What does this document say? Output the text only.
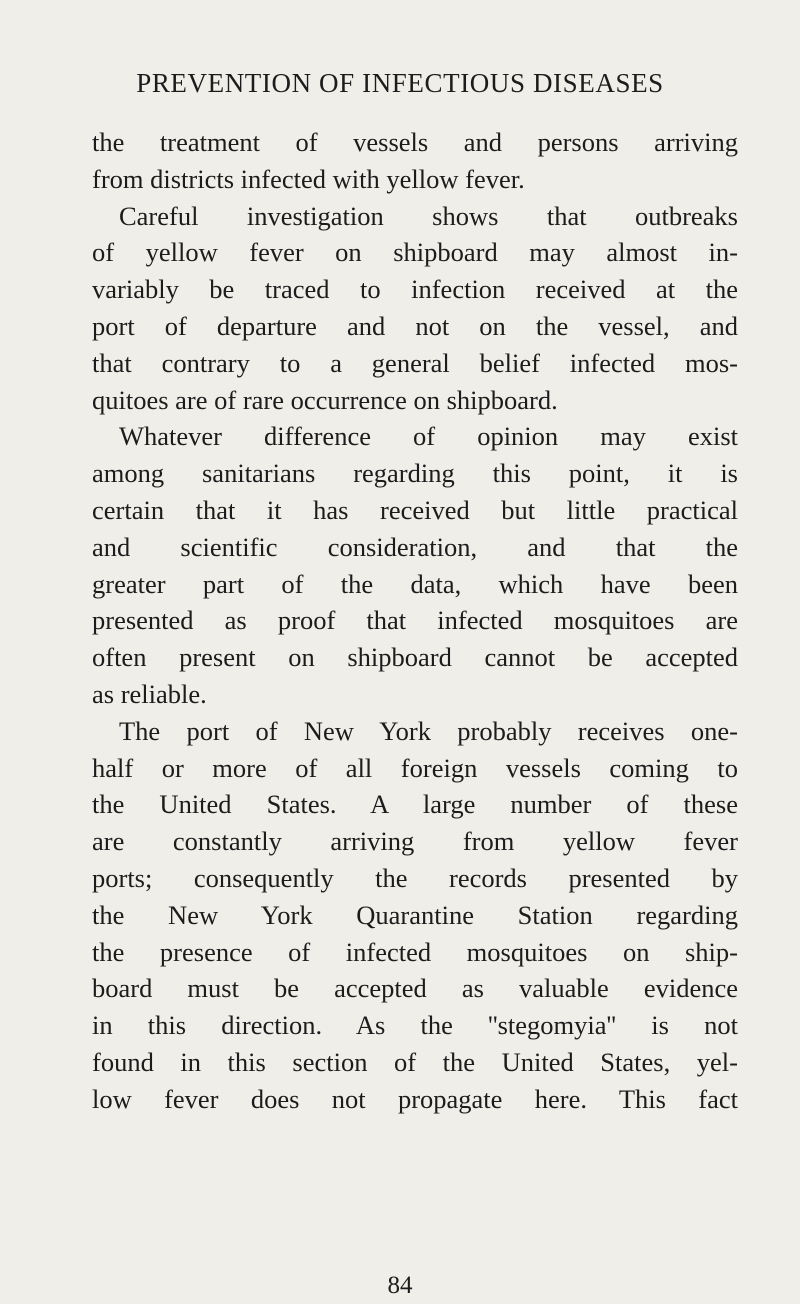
PREVENTION OF INFECTIOUS DISEASES
the treatment of vessels and persons arriving
from districts infected with yellow fever.
Careful investigation shows that outbreaks
of yellow fever on shipboard may almost in-
variably be traced to infection received at the
port of departure and not on the vessel, and
that contrary to a general belief infected mos-
quitoes are of rare occurrence on shipboard.
Whatever difference of opinion may exist
among sanitarians regarding this point, it is
certain that it has received but little practical
and scientific consideration, and that the
greater part of the data, which have been
presented as proof that infected mosquitoes are
often present on shipboard cannot be accepted
as reliable.
The port of New York probably receives one-
half or more of all foreign vessels coming to
the United States. A large number of these
are constantly arriving from yellow fever
ports; consequently the records presented by
the New York Quarantine Station regarding
the presence of infected mosquitoes on ship-
board must be accepted as valuable evidence
in this direction. As the ''stegomyia'' is not
found in this section of the United States, yel-
low fever does not propagate here. This fact
84
